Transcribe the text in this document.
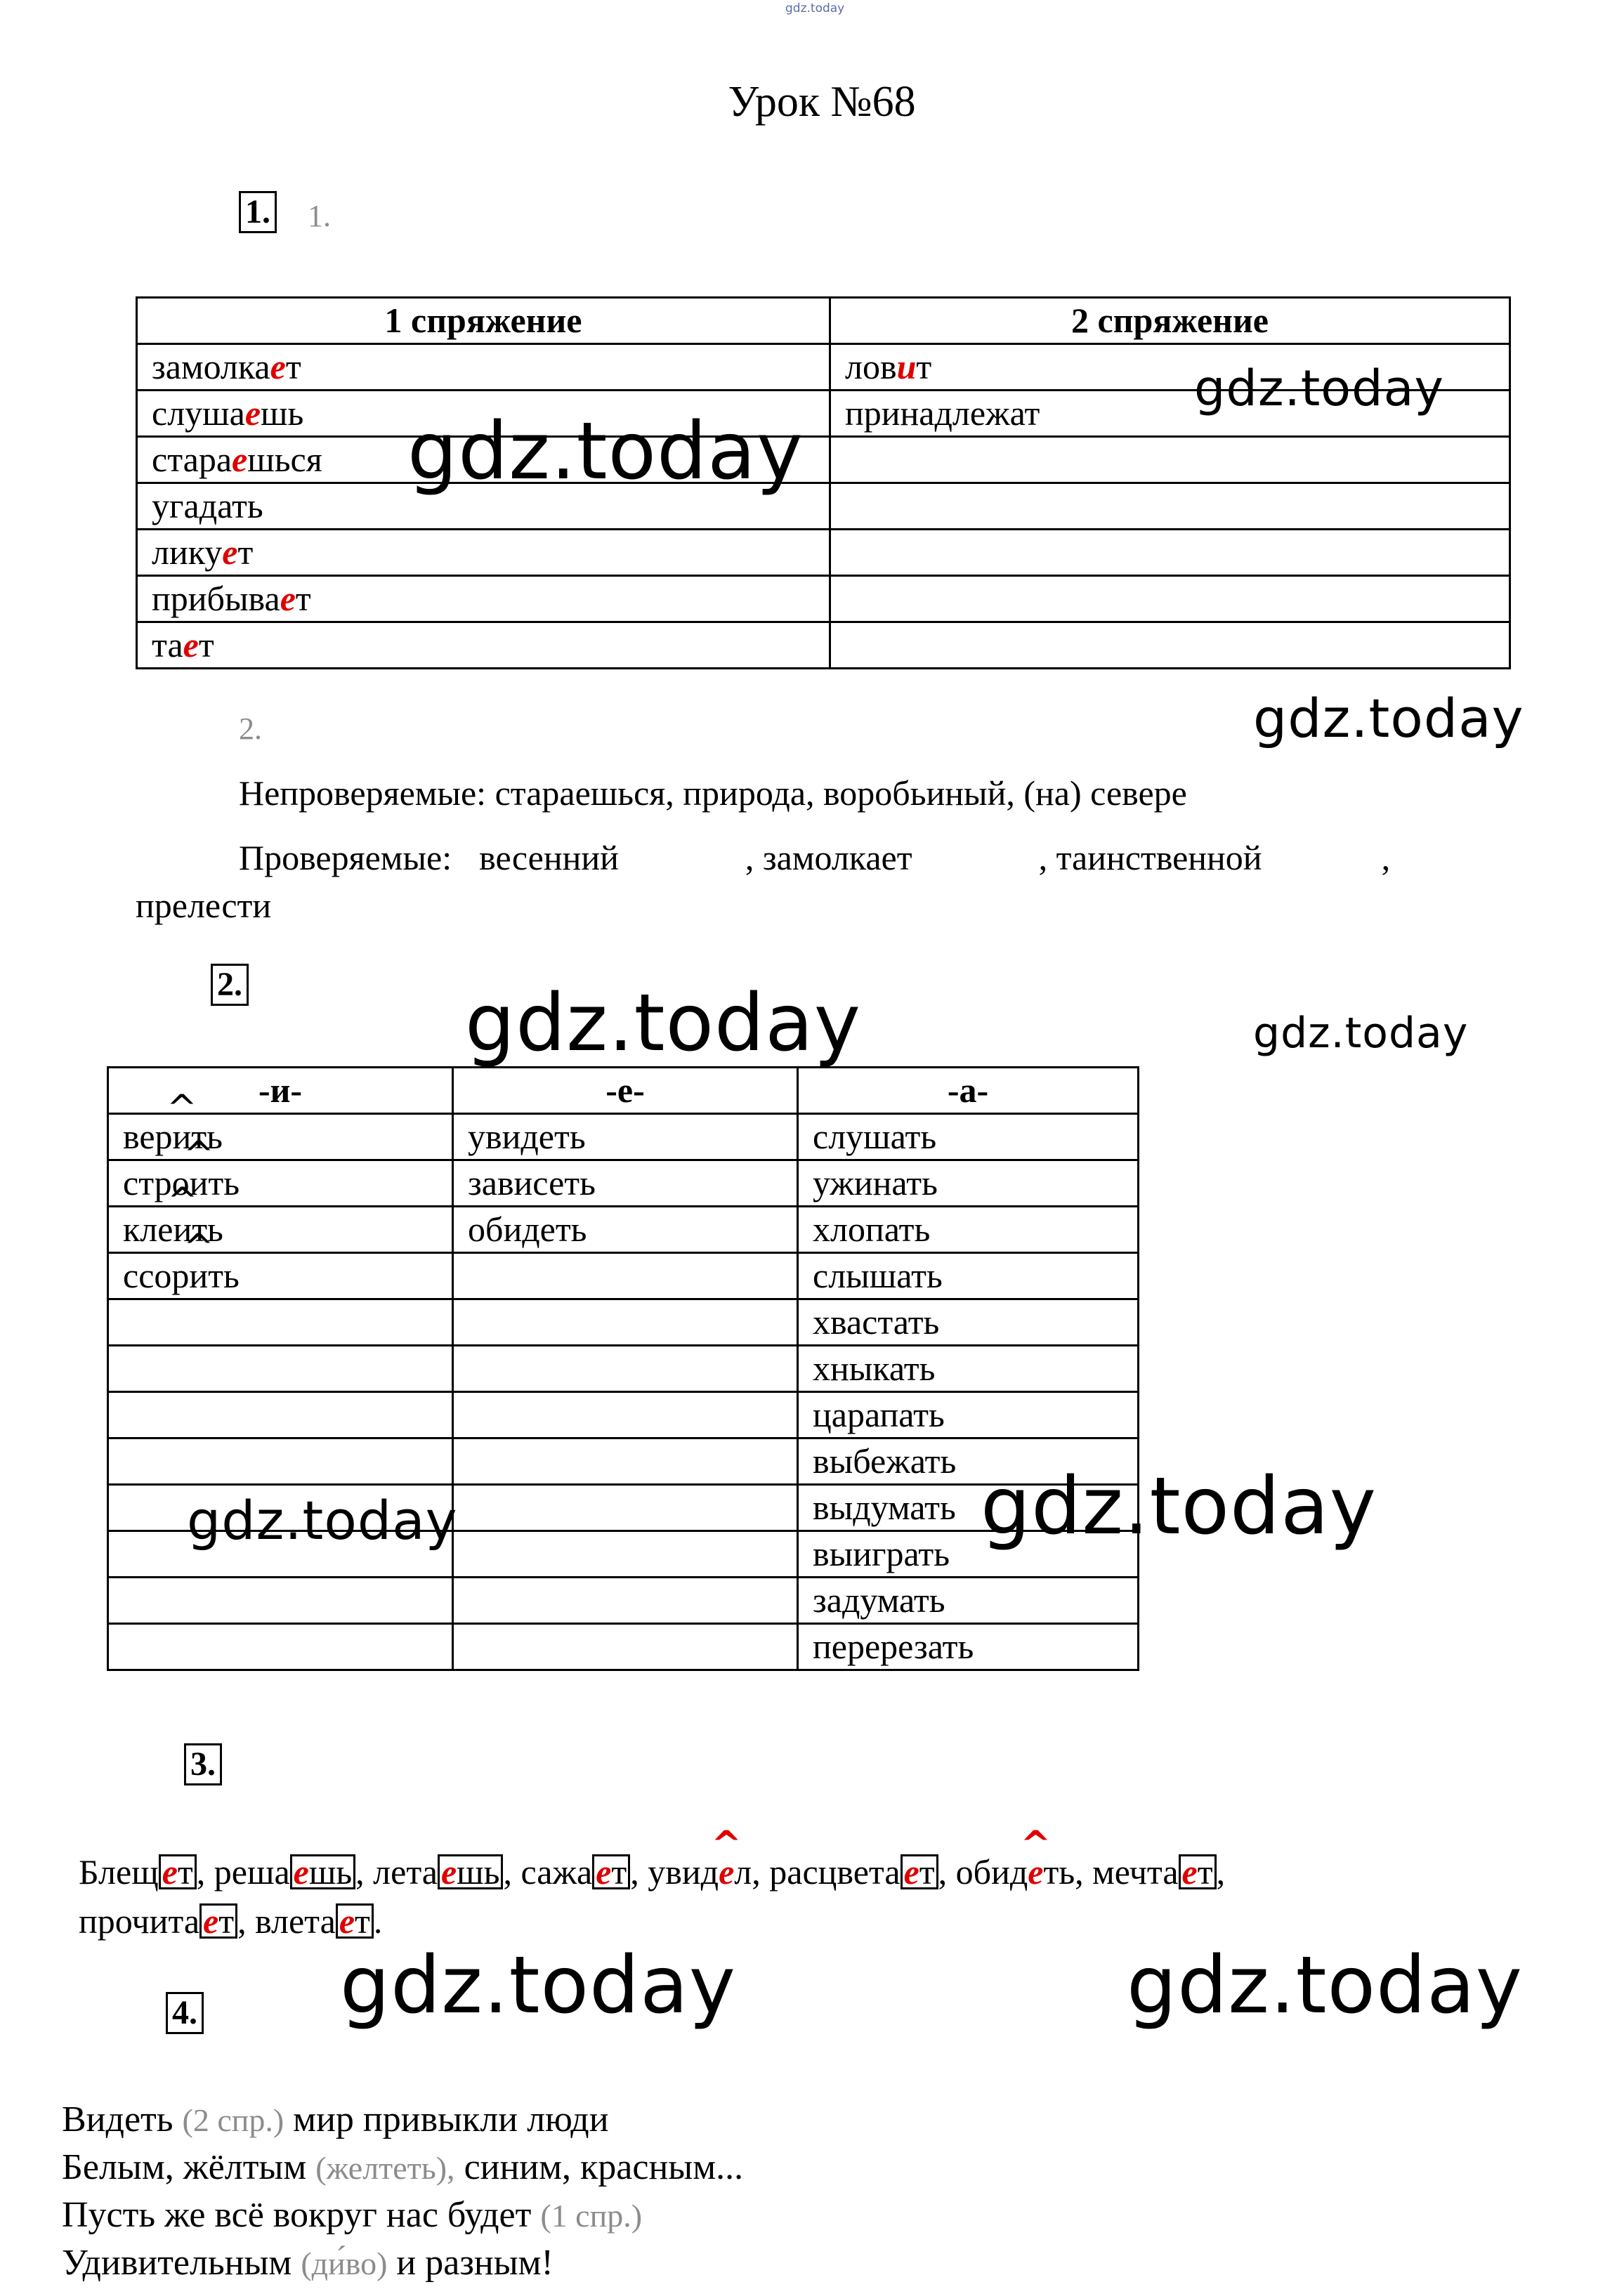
gdz.today
Урок №68
1. 1.
1 спряжение	2 спряжение
замолкает	ловит
слушаешь	принадлежат
стараешься	
угадать	
ликует	
прибывает	
тает	
gdz.today
gdz.today
gdz.today
2.
Непроверяемые: стараешься, природа, воробьиный, (на) севере
Проверяемые: весенний	, замолкает	, таинственной	,
прелести
2.	gdz.today	gdz.today
-и-	-е-	-а-
вер^ ить	увидеть	слушать
стро^ ить	зависеть	ужинать
кле^ ить	обидеть	хлопать
ссор^ ить		слышать
		хвастать
		хныкать
		царапать
		выбежать
		выдумать
		выиграть
		задумать
		перерезать
gdz.today	gdz.today
3.
Блещ ет , реша ешь , лета ешь , сажа ет , увид^ ел, расцвета ет , обид^ еть, мечта ет ,
прочита ет , влета ет .
4. gdz.today	gdz.today
Видеть (2 спр.) мир привыкли люди
Белым, жёлтым (желтеть), синим, красным...
Пусть же всё вокруг нас будет (1 спр.)
Удивительным (ди́во) и разным!
